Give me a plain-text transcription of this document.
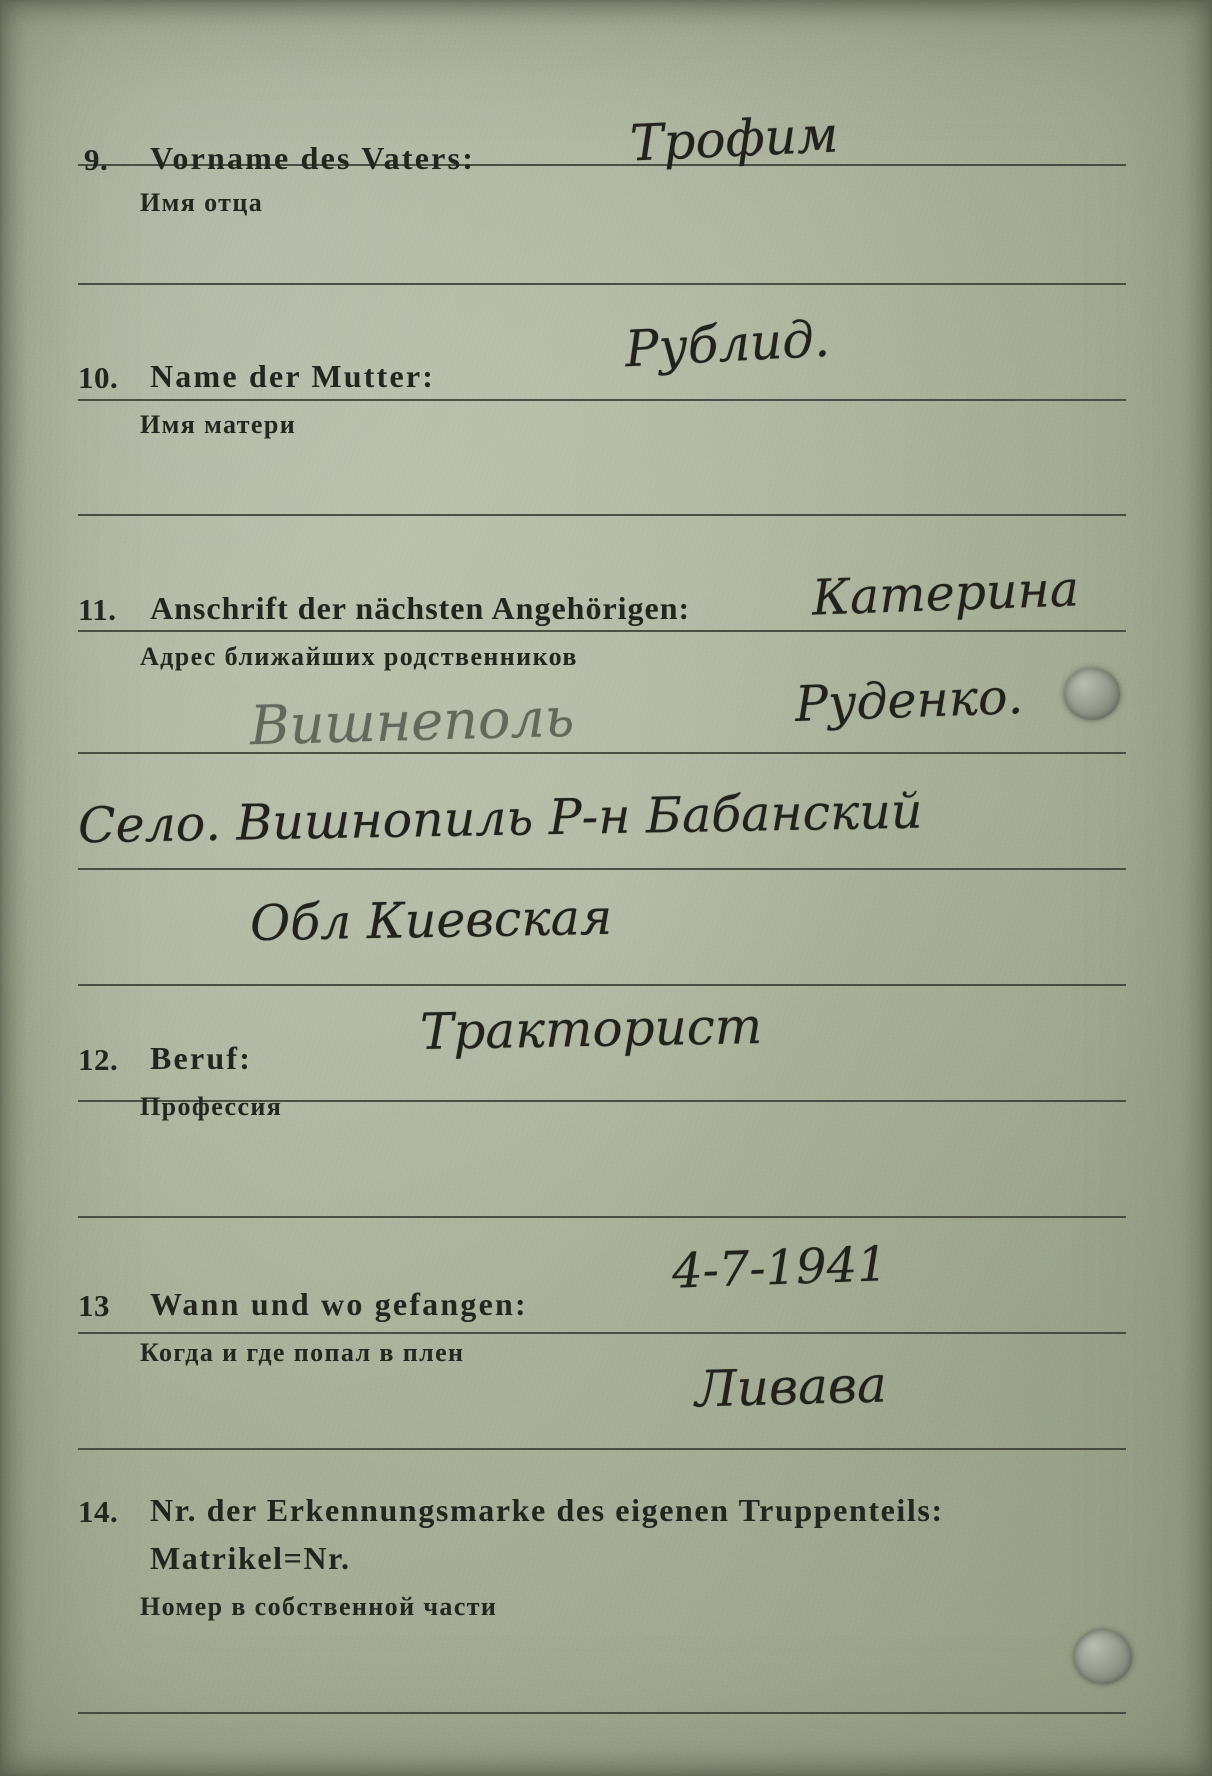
9. Vorname des Vaters:
Имя отца
Трофим
10. Name der Mutter:
Имя матери
Рублид.
11. Anschrift der nächsten Angehörigen:
Адрес ближайших родственников
Катерина
Руденко.
Вишнеполь
Село. Вишнопиль Р-н Бабанский
Обл Киевская
12. Beruf:
Профессия
Тракторист
13 Wann und wo gefangen:
Когда и где попал в плен
4-7-1941
Ливава
14. Nr. der Erkennungsmarke des eigenen Truppenteils:
Matrikel=Nr.
Номер в собственной части
